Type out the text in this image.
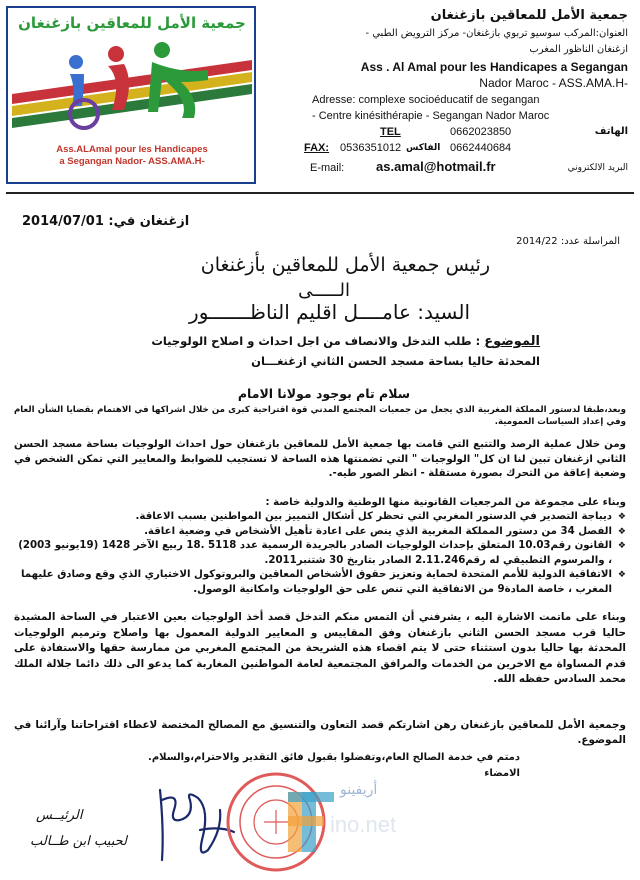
جمعية الأمل للمعاقين بازغنغان
Ass.ALAmal pour les Handicapes
a Segangan Nador- ASS.AMA.H-
جمعية الأمل للمعاقين بازغنغان
العنوان:المركب سوسيو تربوي بازغنغان- مركز الترويض الطبي -
ازغنغان الناظور المغرب
Ass . Al Amal pour les Handicapes a Segangan
Nador Maroc - ASS.AMA.H-
Adresse: complexe socioéducatif de segangan
- Centre kinésithérapie - Segangan Nador Maroc
TEL	0662023850	الهاتف
FAX: 0536351012 الفاكس 0662440684
E-mail: as.amal@hotmail.fr	البريد الالكتروني
ازغنغان في: 2014/07/01
المراسلة عدد: 2014/22
رئيس جمعية الأمل للمعاقين بأزغنغان
الـــــى
السيد: عامــــل اقليم الناظـــــــور
الموضوع : طلب التدخل والانصاف من اجل احداث و اصلاح الولوجيات
المحدثة حاليا بساحة مسجد الحسن الثاني ازغنغـــان
سلام تام بوجود مولانا الامام
وبعد،طبقا لدستور المملكة المغربية الذي يجعل من جمعيات المجتمع المدني قوة اقتراحية كبرى من خلال اشراكها في الاهتمام بقضايا الشأن العام وفي إعداد السياسات العمومية.
ومن خلال عملية الرصد والتتبع التي قامت بها جمعية الأمل للمعاقين بازغنغان حول احداث الولوجيات بساحة مسجد الحسن الثاني ازغنغان تبين لنا ان كل" الولوجيات " التي تضمنتها هذه الساحة لا تستجيب للضوابط والمعايير التي تمكن الشخص في وضعية إعاقة من التحرك بصورة مستقلة - انظر الصور طيه-.
وبناء على مجموعة من المرجعيات القانونية منها الوطنية والدولية خاصة :
❖ ديباجة التصدير في الدستور المغربي التي تحظر كل أشكال التمييز بين المواطنين بسبب الاعاقة.
❖ الفصل 34 من دستور المملكة المغربية الذي ينص على اعادة تأهيل الأشخاص في وضعية اعاقة.
❖ القانون رقم10.03 المتعلق بإحداث الولوجيات الصادر بالجريدة الرسمية عدد 5118 .18 ربيع الآخر 1428 (19يونيو 2003) ، والمرسوم التطبيقي له رقم2.11.246 الصادر بتاريخ 30 شتنبر2011.
❖ الاتفاقية الدولية للأمم المتحدة لحماية وتعزيز حقوق الأشخاص المعاقين والبروتوكول الاختياري الذي وقع وصادق عليهما المغرب ، خاصة المادة9 من الاتفاقية التي تنص على حق الولوجيات وامكانية الوصول.
وبناء على ماتمت الاشارة اليه ، يشرفني أن التمس منكم التدخل قصد أخذ الولوجيات بعين الاعتبار في الساحة المشيدة حاليا قرب مسجد الحسن الثاني بازغنغان وفق المقاييس و المعايير الدولية المعمول بها واصلاح وترميم الولوجيات المحدثة بها حاليا بدون استثناء حتى لا يتم اقصاء هذه الشريحة من المجتمع المغربي من ممارسة حقها والاستفادة على قدم المساواة مع الاخرين من الخدمات والمرافق المجتمعية لعامة المواطنين المغاربة كما يدعو الى ذلك دائما جلالة الملك محمد السادس حفظه الله.
وجمعية الأمل للمعاقين بازغنغان رهن اشارتكم قصد التعاون والتنسيق مع المصالح المختصة لاعطاء اقتراحاتنا وآرائنا في الموضوع.
دمتم في خدمة الصالح العام،وتفضلوا بقبول فائق التقدير والاحترام،والسلام.
الامضاء
الرئيــس
لحبيب ابن طــالب
أريفينو
ino.net
